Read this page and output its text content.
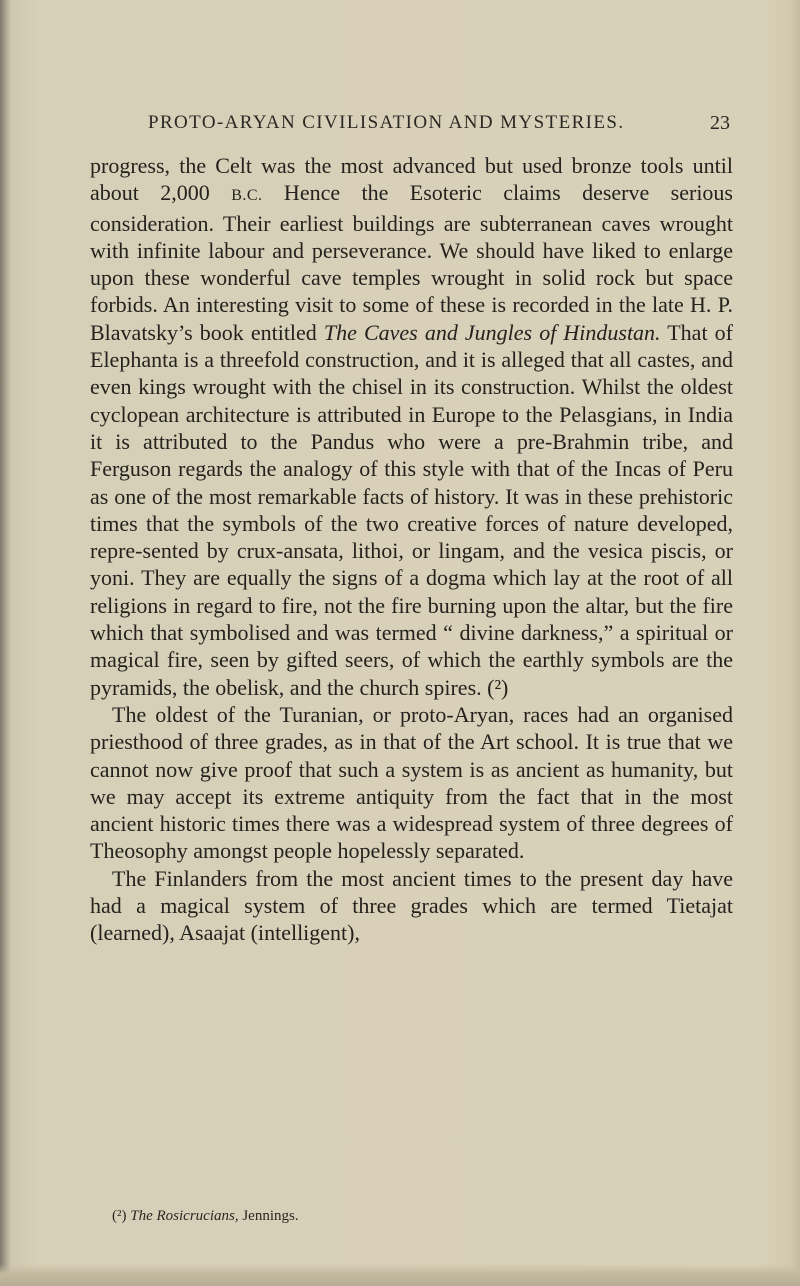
PROTO-ARYAN CIVILISATION AND MYSTERIES.	23

progress, the Celt was the most advanced but used bronze tools until about 2,000 B.C. Hence the Esoteric claims deserve serious consideration. Their earliest buildings are subterranean caves wrought with infinite labour and perseverance. We should have liked to enlarge upon these wonderful cave temples wrought in solid rock but space forbids. An interesting visit to some of these is recorded in the late H. P. Blavatsky’s book entitled The Caves and Jungles of Hindustan. That of Elephanta is a threefold construction, and it is alleged that all castes, and even kings wrought with the chisel in its construction. Whilst the oldest cyclopean architecture is attributed in Europe to the Pelasgians, in India it is attributed to the Pandus who were a pre-Brahmin tribe, and Ferguson regards the analogy of this style with that of the Incas of Peru as one of the most remarkable facts of history. It was in these prehistoric times that the symbols of the two creative forces of nature developed, repre-sented by crux-ansata, lithoi, or lingam, and the vesica piscis, or yoni. They are equally the signs of a dogma which lay at the root of all religions in regard to fire, not the fire burning upon the altar, but the fire which that symbolised and was termed “ divine darkness,” a spiritual or magical fire, seen by gifted seers, of which the earthly symbols are the pyramids, the obelisk, and the church spires. (²)

The oldest of the Turanian, or proto-Aryan, races had an organised priesthood of three grades, as in that of the Art school. It is true that we cannot now give proof that such a system is as ancient as humanity, but we may accept its extreme antiquity from the fact that in the most ancient historic times there was a widespread system of three degrees of Theosophy amongst people hopelessly separated.

The Finlanders from the most ancient times to the present day have had a magical system of three grades which are termed Tietajat (learned), Asaajat (intelligent),

(²) The Rosicrucians, Jennings.
